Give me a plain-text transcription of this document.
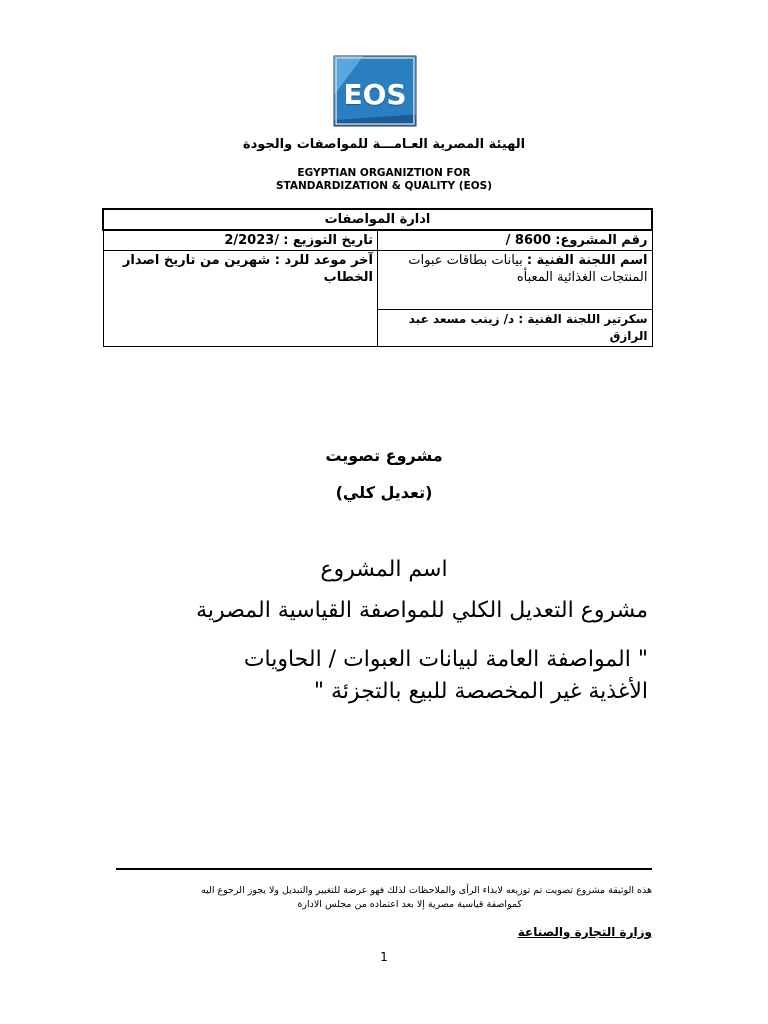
EOS
الهيئة المصرية العـامـــة للمواصفات والجودة
EGYPTIAN ORGANIZTION FOR
STANDARDIZATION & QUALITY (EOS)
ادارة المواصفات	
رقم المشروع: 8600 /	تاريخ التوزيع : /2/2023
اسم اللجنة الفنية : بيانات بطاقات عبوات المنتجات الغذائية المعبأه	آخر موعد للرد : شهرين من تاريخ اصدار الخطاب
سكرتير اللجنة الفنية : د/ زينب مسعد عبد الرازق	
مشروع تصويت
(تعديل كلي)
اسم المشروع
مشروع التعديل الكلي للمواصفة القياسية المصرية
" المواصفة العامة لبيانات العبوات / الحاويات
الأغذية غير المخصصة للبيع بالتجزئة "
هذه الوثيقة مشروع تصويت تم توزيعه لابداء الرأى والملاحظات لذلك فهو عرضة للتغيير والتبديل ولا يجوز الرجوع اليه
كمواصفة قياسية مصرية إلا بعد اعتماده من مجلس الادارة
وزارة التجارة والصناعة
1
